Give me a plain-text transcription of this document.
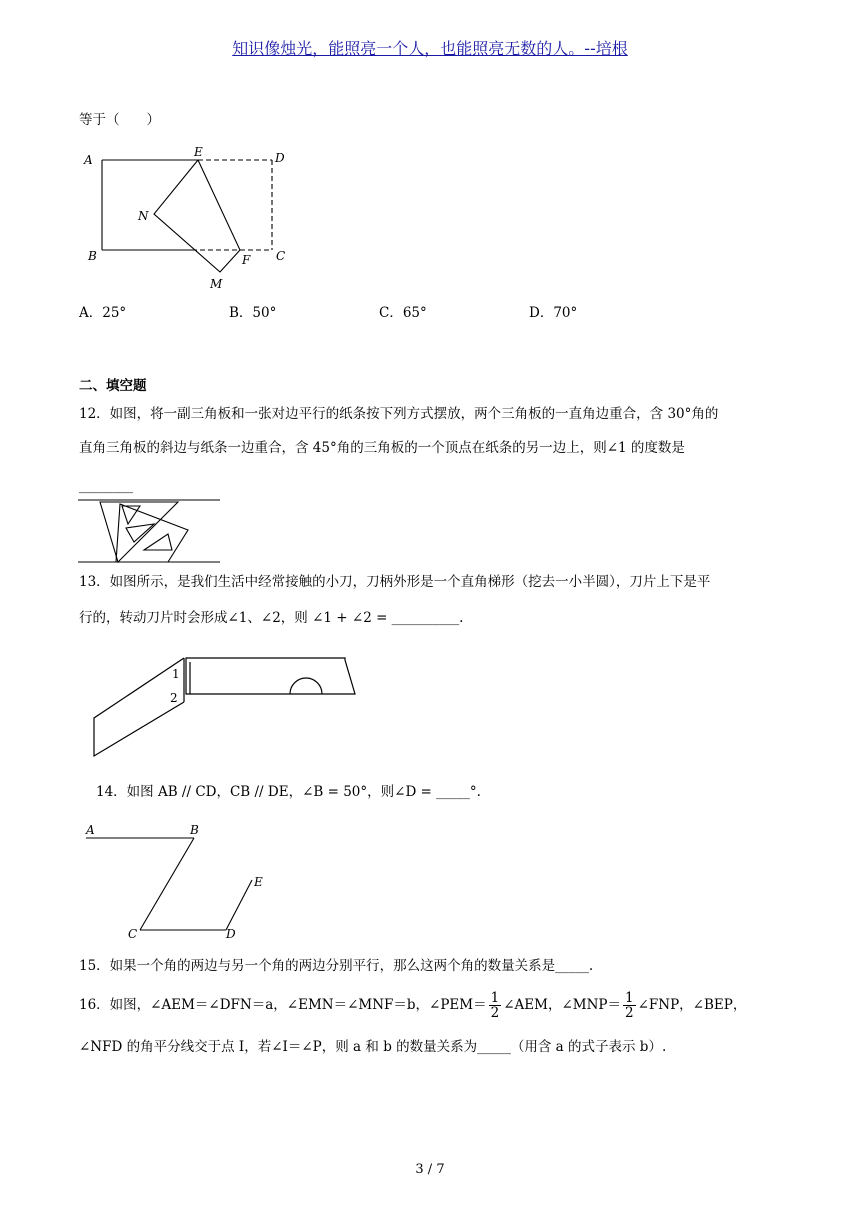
知识像烛光，能照亮一个人，也能照亮无数的人。--培根
等于（　　）
A
E	D
N
B	F C
M
A．25°	B．50°	C．65°	D．70°
二、填空题
12．如图，将一副三角板和一张对边平行的纸条按下列方式摆放，两个三角板的一直角边重合，含 30°角的
直角三角板的斜边与纸条一边重合，含 45°角的三角板的一个顶点在纸条的另一边上，则∠1 的度数是
________
13．如图所示，是我们生活中经常接触的小刀，刀柄外形是一个直角梯形（挖去一小半圆），刀片上下是平
行的，转动刀片时会形成∠1、∠2，则 ∠1 + ∠2 = __________.
1
2
14．如图 AB // CD，CB // DE，∠B = 50°，则∠D = _____°.
A	B
C	D
E
15．如果一个角的两边与另一个角的两边分别平行，那么这两个角的数量关系是_____.
16．如图，∠AEM＝∠DFN＝a，∠EMN＝∠MNF＝b，∠PEM＝ $\frac{1}{2}$ ∠AEM，∠MNP＝ $\frac{1}{2}$ ∠FNP，∠BEP，
∠NFD 的角平分线交于点 I，若∠I＝∠P，则 a 和 b 的数量关系为_____（用含 a 的式子表示 b）.
3 / 7
